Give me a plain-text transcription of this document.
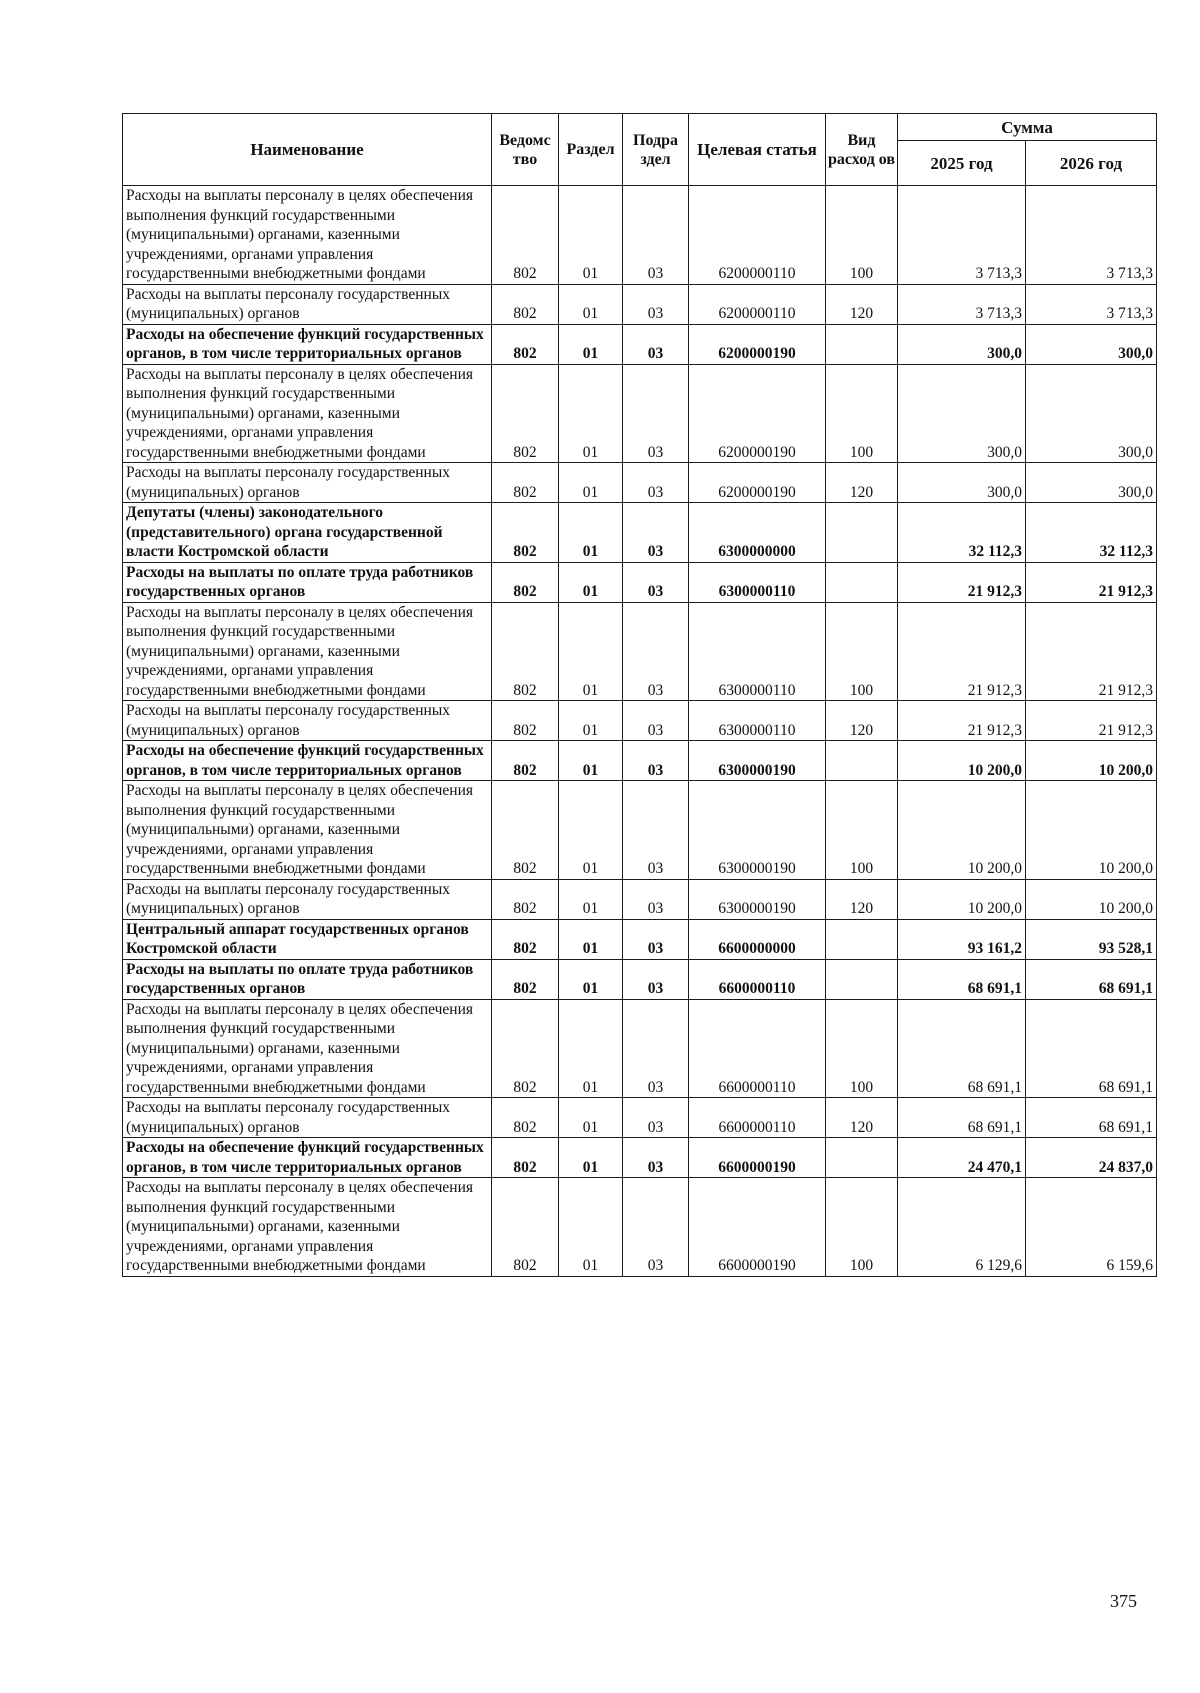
Наименование	Ведомс тво	Раздел	Подра здел	Целевая статья	Вид расход ов	Сумма	
						2025 год	2026 год
Расходы на выплаты персоналу в целях обеспечения выполнения функций государственными (муниципальными) органами, казенными учреждениями, органами управления государственными внебюджетными фондами	802	01	03	6200000110	100	3 713,3	3 713,3
Расходы на выплаты персоналу государственных (муниципальных) органов	802	01	03	6200000110	120	3 713,3	3 713,3
Расходы на обеспечение функций государственных органов, в том числе территориальных органов	802	01	03	6200000190		300,0	300,0
Расходы на выплаты персоналу в целях обеспечения выполнения функций государственными (муниципальными) органами, казенными учреждениями, органами управления государственными внебюджетными фондами	802	01	03	6200000190	100	300,0	300,0
Расходы на выплаты персоналу государственных (муниципальных) органов	802	01	03	6200000190	120	300,0	300,0
Депутаты (члены) законодательного (представительного) органа государственной власти Костромской области	802	01	03	6300000000		32 112,3	32 112,3
Расходы на выплаты по оплате труда работников государственных органов	802	01	03	6300000110		21 912,3	21 912,3
Расходы на выплаты персоналу в целях обеспечения выполнения функций государственными (муниципальными) органами, казенными учреждениями, органами управления государственными внебюджетными фондами	802	01	03	6300000110	100	21 912,3	21 912,3
Расходы на выплаты персоналу государственных (муниципальных) органов	802	01	03	6300000110	120	21 912,3	21 912,3
Расходы на обеспечение функций государственных органов, в том числе территориальных органов	802	01	03	6300000190		10 200,0	10 200,0
Расходы на выплаты персоналу в целях обеспечения выполнения функций государственными (муниципальными) органами, казенными учреждениями, органами управления государственными внебюджетными фондами	802	01	03	6300000190	100	10 200,0	10 200,0
Расходы на выплаты персоналу государственных (муниципальных) органов	802	01	03	6300000190	120	10 200,0	10 200,0
Центральный аппарат государственных органов Костромской области	802	01	03	6600000000		93 161,2	93 528,1
Расходы на выплаты по оплате труда работников государственных органов	802	01	03	6600000110		68 691,1	68 691,1
Расходы на выплаты персоналу в целях обеспечения выполнения функций государственными (муниципальными) органами, казенными учреждениями, органами управления государственными внебюджетными фондами	802	01	03	6600000110	100	68 691,1	68 691,1
Расходы на выплаты персоналу государственных (муниципальных) органов	802	01	03	6600000110	120	68 691,1	68 691,1
Расходы на обеспечение функций государственных органов, в том числе территориальных органов	802	01	03	6600000190		24 470,1	24 837,0
Расходы на выплаты персоналу в целях обеспечения выполнения функций государственными (муниципальными) органами, казенными учреждениями, органами управления государственными внебюджетными фондами	802	01	03	6600000190	100	6 129,6	6 159,6
375
